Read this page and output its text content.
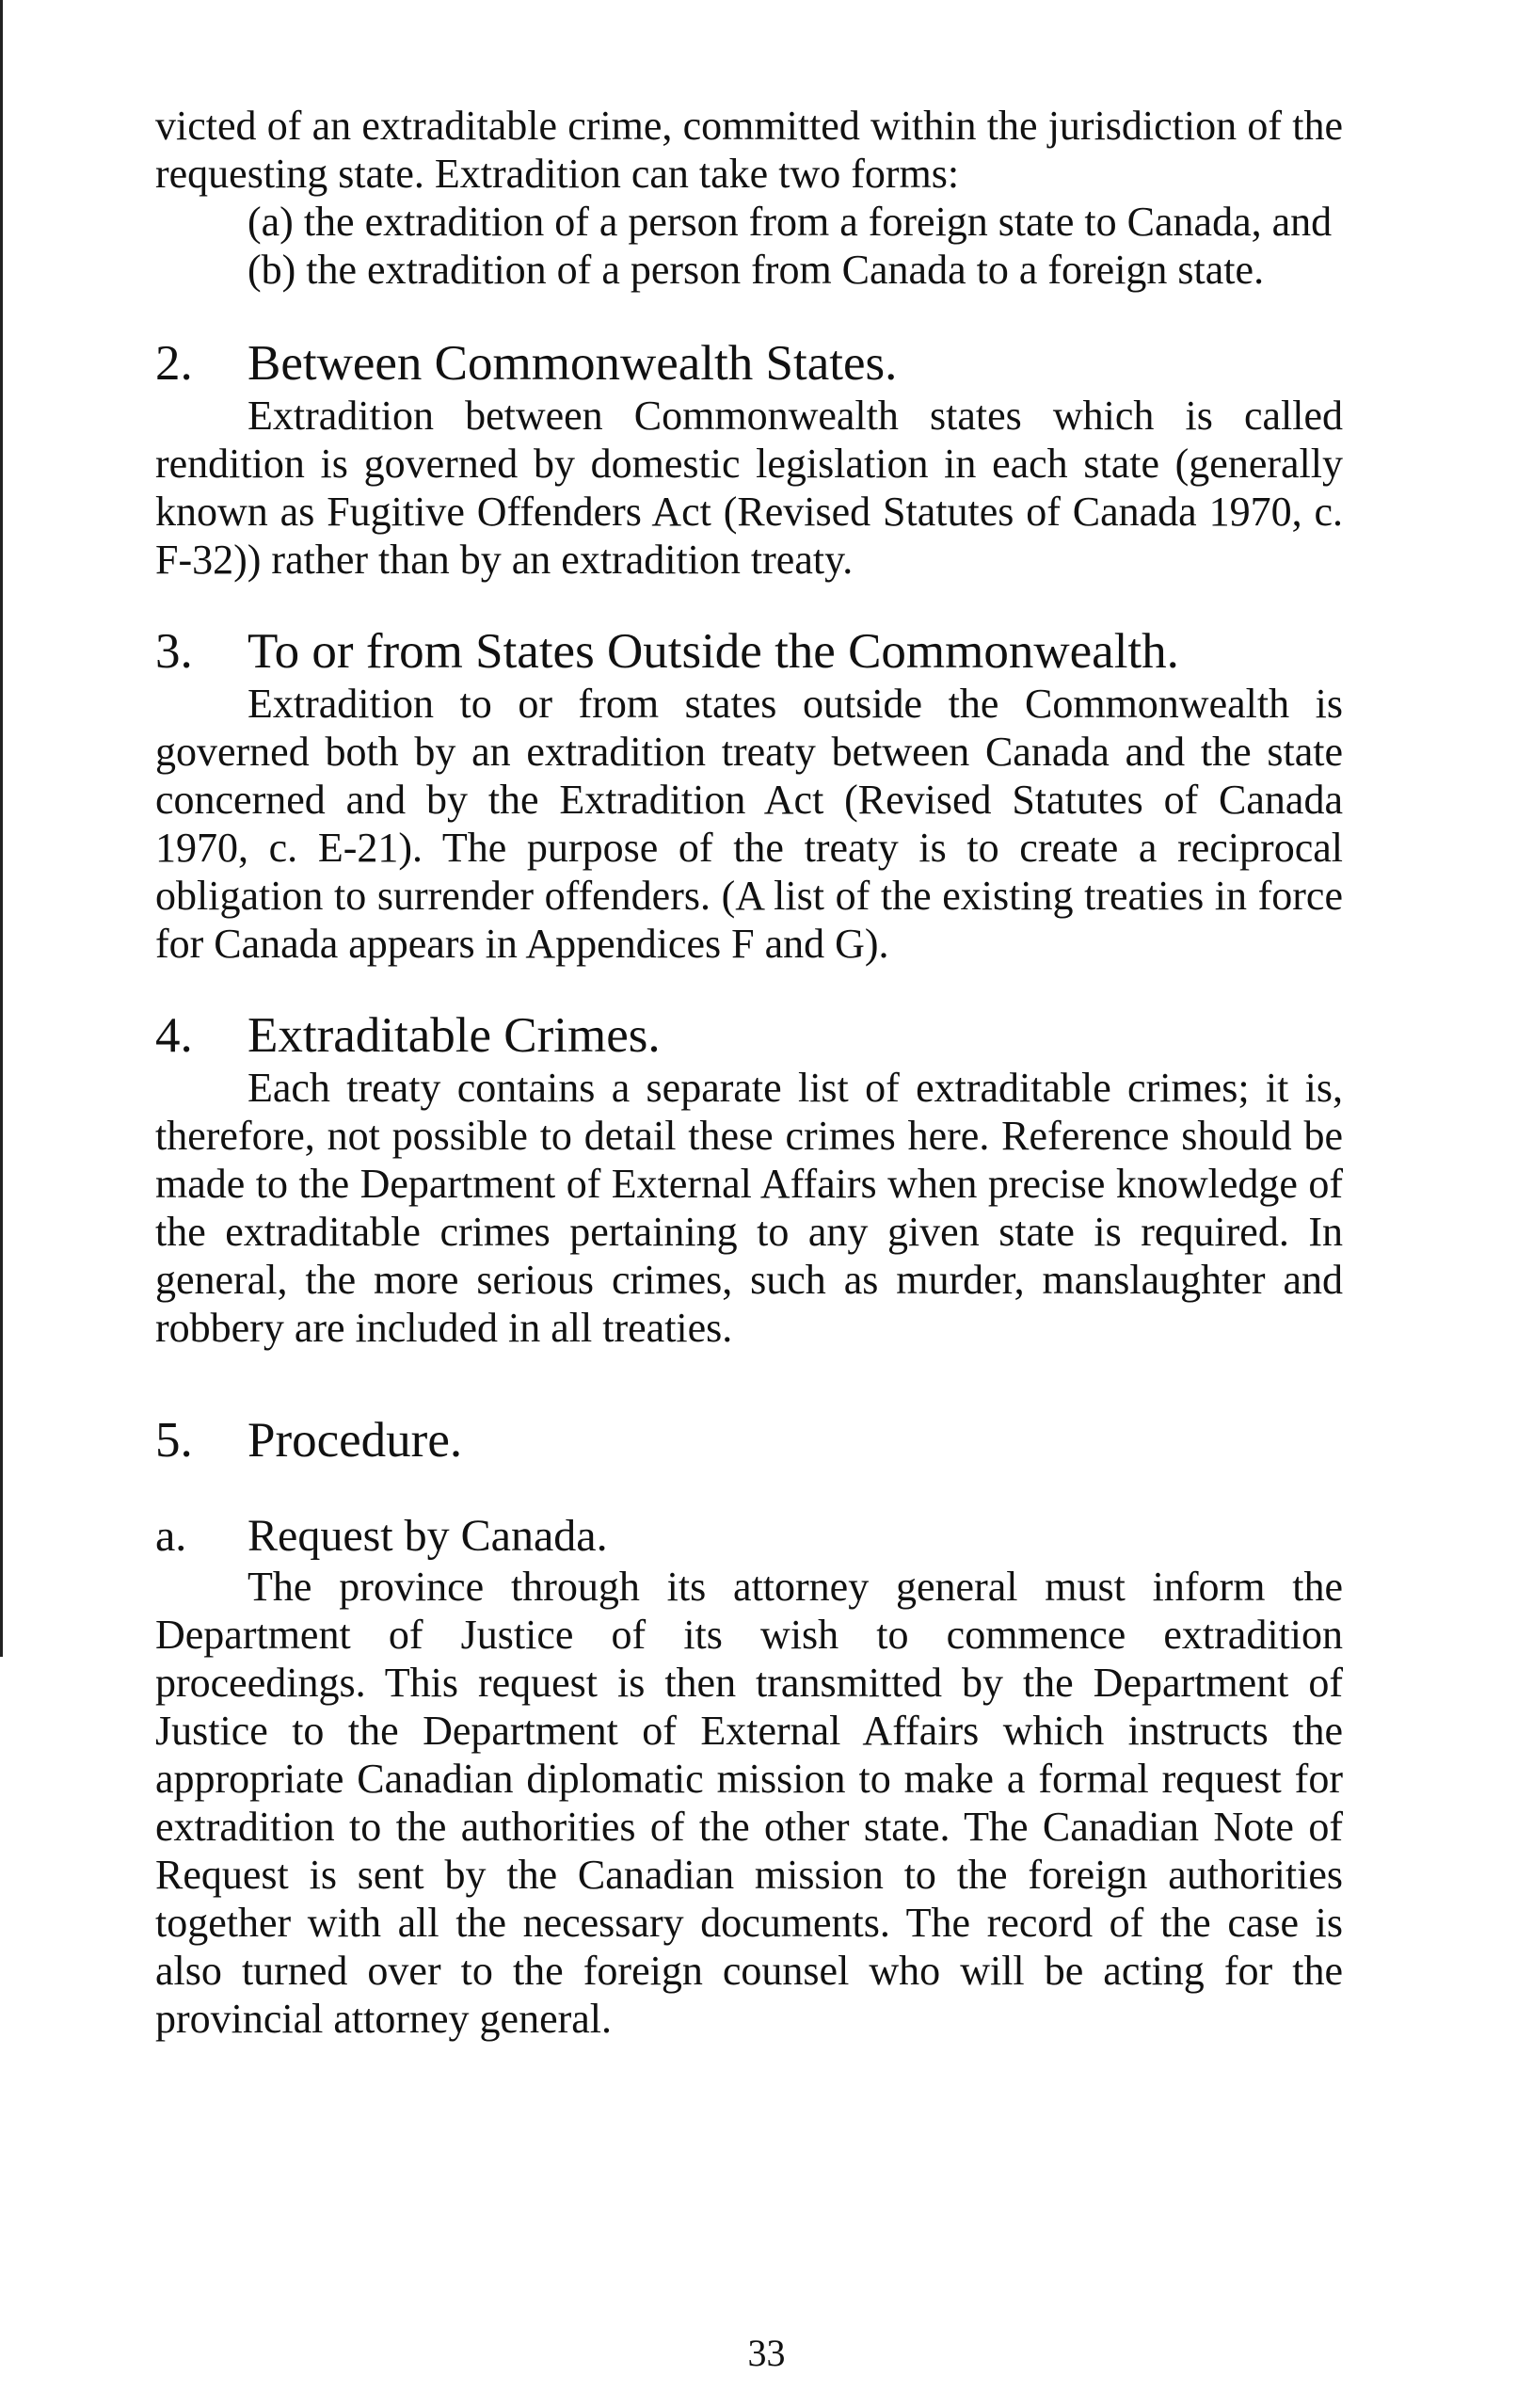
victed of an extraditable crime, committed within the jurisdiction of the requesting state. Extradition can take two forms:

(a) the extradition of a person from a foreign state to Canada, and

(b) the extradition of a person from Canada to a foreign state.

2.	Between Commonwealth States.

Extradition between Commonwealth states which is called rendition is governed by domestic legislation in each state (generally known as Fugitive Offenders Act (Revised Statutes of Canada 1970, c. F-32)) rather than by an extradition treaty.

3.	To or from States Outside the Commonwealth.

Extradition to or from states outside the Commonwealth is governed both by an extradition treaty between Canada and the state concerned and by the Extradition Act (Revised Statutes of Canada 1970, c. E-21). The purpose of the treaty is to create a reciprocal obligation to surrender offenders. (A list of the existing treaties in force for Canada appears in Appendices F and G).

4.	Extraditable Crimes.

Each treaty contains a separate list of extraditable crimes; it is, therefore, not possible to detail these crimes here. Reference should be made to the Department of External Affairs when precise knowledge of the extraditable crimes pertaining to any given state is required. In general, the more serious crimes, such as murder, manslaughter and robbery are included in all treaties.

5.	Procedure.
a.	Request by Canada.

The province through its attorney general must inform the Department of Justice of its wish to commence extradition proceedings. This request is then transmitted by the Department of Justice to the Department of External Affairs which instructs the appropriate Canadian diplomatic mission to make a formal request for extradition to the authorities of the other state. The Canadian Note of Request is sent by the Canadian mission to the foreign authorities together with all the necessary documents. The record of the case is also turned over to the foreign counsel who will be acting for the provincial attorney general.

33
